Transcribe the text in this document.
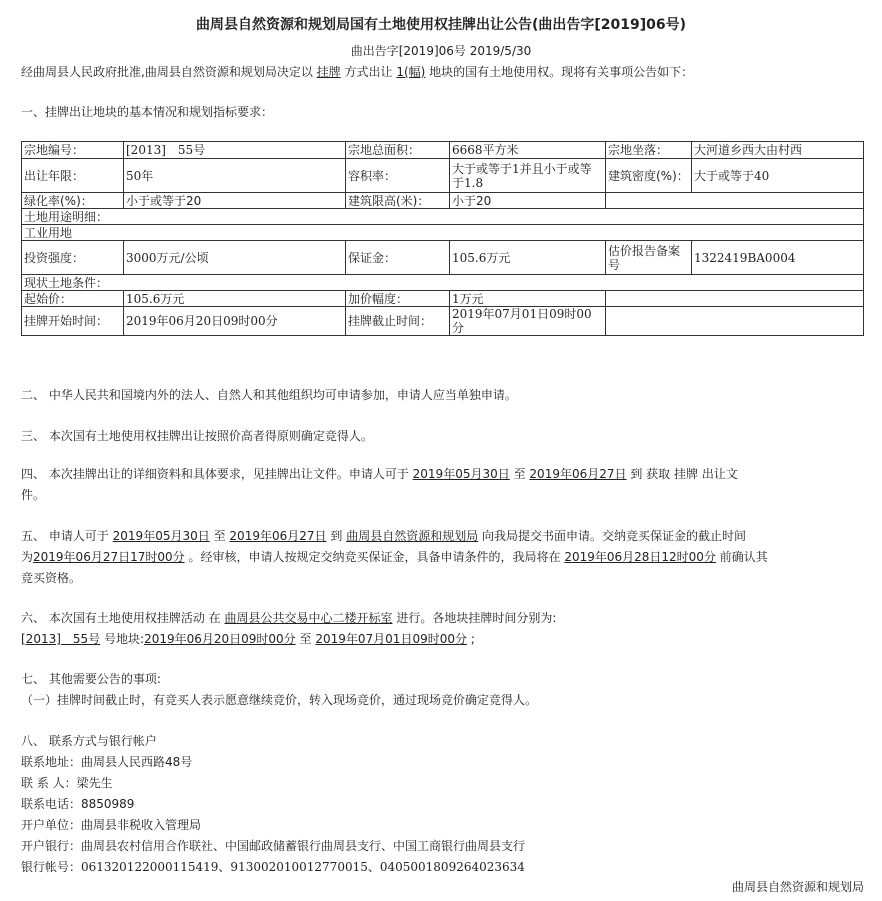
曲周县自然资源和规划局国有土地使用权挂牌出让公告(曲出告字[2019]06号)
曲出告字[2019]06号 2019/5/30
经曲周县人民政府批准,曲周县自然资源和规划局决定以 挂牌 方式出让 1(幅) 地块的国有土地使用权。现将有关事项公告如下：
一、挂牌出让地块的基本情况和规划指标要求：
宗地编号：	[2013]　55号	宗地总面积：	6668平方米	宗地坐落：	大河道乡西大由村西
出让年限：	50年	容积率：	大于或等于1并且小于或等于1.8	建筑密度(%)：	大于或等于40
绿化率(%)：	小于或等于20	建筑限高(米)：	小于20		
土地用途明细：					
工业用地					
投资强度：	3000万元/公顷	保证金：	105.6万元	估价报告备案号	1322419BA0004
现状土地条件：					
起始价：	105.6万元	加价幅度：	1万元		
挂牌开始时间：	2019年06月20日09时00分	挂牌截止时间：	2019年07月01日09时00分		
二、 中华人民共和国境内外的法人、自然人和其他组织均可申请参加，申请人应当单独申请。
三、 本次国有土地使用权挂牌出让按照价高者得原则确定竞得人。
四、 本次挂牌出让的详细资料和具体要求，见挂牌出让文件。申请人可于 2019年05月30日 至 2019年06月27日 到 获取 挂牌 出让文
件。
五、 申请人可于 2019年05月30日 至 2019年06月27日 到 曲周县自然资源和规划局 向我局提交书面申请。交纳竞买保证金的截止时间
为2019年06月27日17时00分 。经审核，申请人按规定交纳竞买保证金，具备申请条件的，我局将在 2019年06月28日12时00分 前确认其
竞买资格。
六、 本次国有土地使用权挂牌活动 在 曲周县公共交易中心二楼开标室 进行。各地块挂牌时间分别为:
[2013]　55号 号地块:2019年06月20日09时00分 至 2019年07月01日09时00分 ;
七、 其他需要公告的事项:
（一）挂牌时间截止时，有竞买人表示愿意继续竞价，转入现场竞价，通过现场竞价确定竞得人。
八、 联系方式与银行帐户
联系地址：曲周县人民西路48号
联 系 人：梁先生
联系电话：8850989
开户单位：曲周县非税收入管理局
开户银行：曲周县农村信用合作联社、中国邮政储蓄银行曲周县支行、中国工商银行曲周县支行
银行帐号：061320122000115419、913002010012770015、0405001809264023634
曲周县自然资源和规划局
